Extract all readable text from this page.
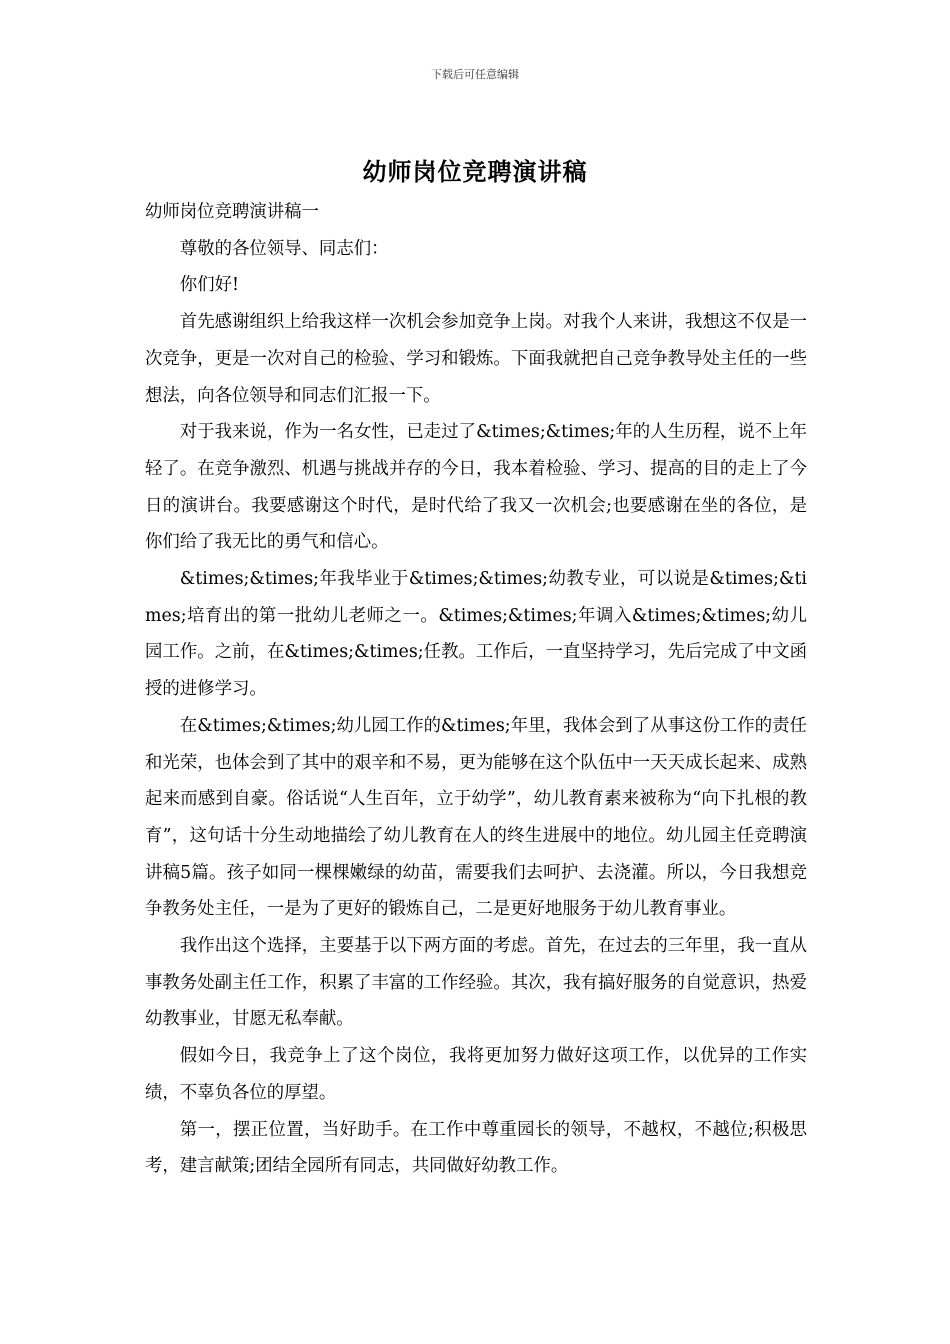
下载后可任意编辑
幼师岗位竞聘演讲稿

幼师岗位竞聘演讲稿一

尊敬的各位领导、同志们：

你们好!

首先感谢组织上给我这样一次机会参加竞争上岗。对我个人来讲，我想这不仅是一次竞争，更是一次对自己的检验、学习和锻炼。下面我就把自己竞争教导处主任的一些想法，向各位领导和同志们汇报一下。

对于我来说，作为一名女性，已走过了&times;&times;年的人生历程，说不上年轻了。在竞争激烈、机遇与挑战并存的今日，我本着检验、学习、提高的目的走上了今日的演讲台。我要感谢这个时代，是时代给了我又一次机会;也要感谢在坐的各位，是你们给了我无比的勇气和信心。

&times;&times;年我毕业于&times;&times;幼教专业，可以说是&times;&times;培育出的第一批幼儿老师之一。&times;&times;年调入&times;&times;幼儿园工作。之前，在&times;&times;任教。工作后，一直坚持学习，先后完成了中文函授的进修学习。

在&times;&times;幼儿园工作的&times;年里，我体会到了从事这份工作的责任和光荣，也体会到了其中的艰辛和不易，更为能够在这个队伍中一天天成长起来、成熟起来而感到自豪。俗话说“人生百年，立于幼学”，幼儿教育素来被称为“向下扎根的教育”，这句话十分生动地描绘了幼儿教育在人的终生进展中的地位。幼儿园主任竞聘演讲稿5篇。孩子如同一棵棵嫩绿的幼苗，需要我们去呵护、去浇灌。所以，今日我想竞争教务处主任，一是为了更好的锻炼自己，二是更好地服务于幼儿教育事业。

我作出这个选择，主要基于以下两方面的考虑。首先，在过去的三年里，我一直从事教务处副主任工作，积累了丰富的工作经验。其次，我有搞好服务的自觉意识，热爱幼教事业，甘愿无私奉献。

假如今日，我竞争上了这个岗位，我将更加努力做好这项工作，以优异的工作实绩，不辜负各位的厚望。

第一，摆正位置，当好助手。在工作中尊重园长的领导，不越权，不越位;积极思考，建言献策;团结全园所有同志，共同做好幼教工作。
